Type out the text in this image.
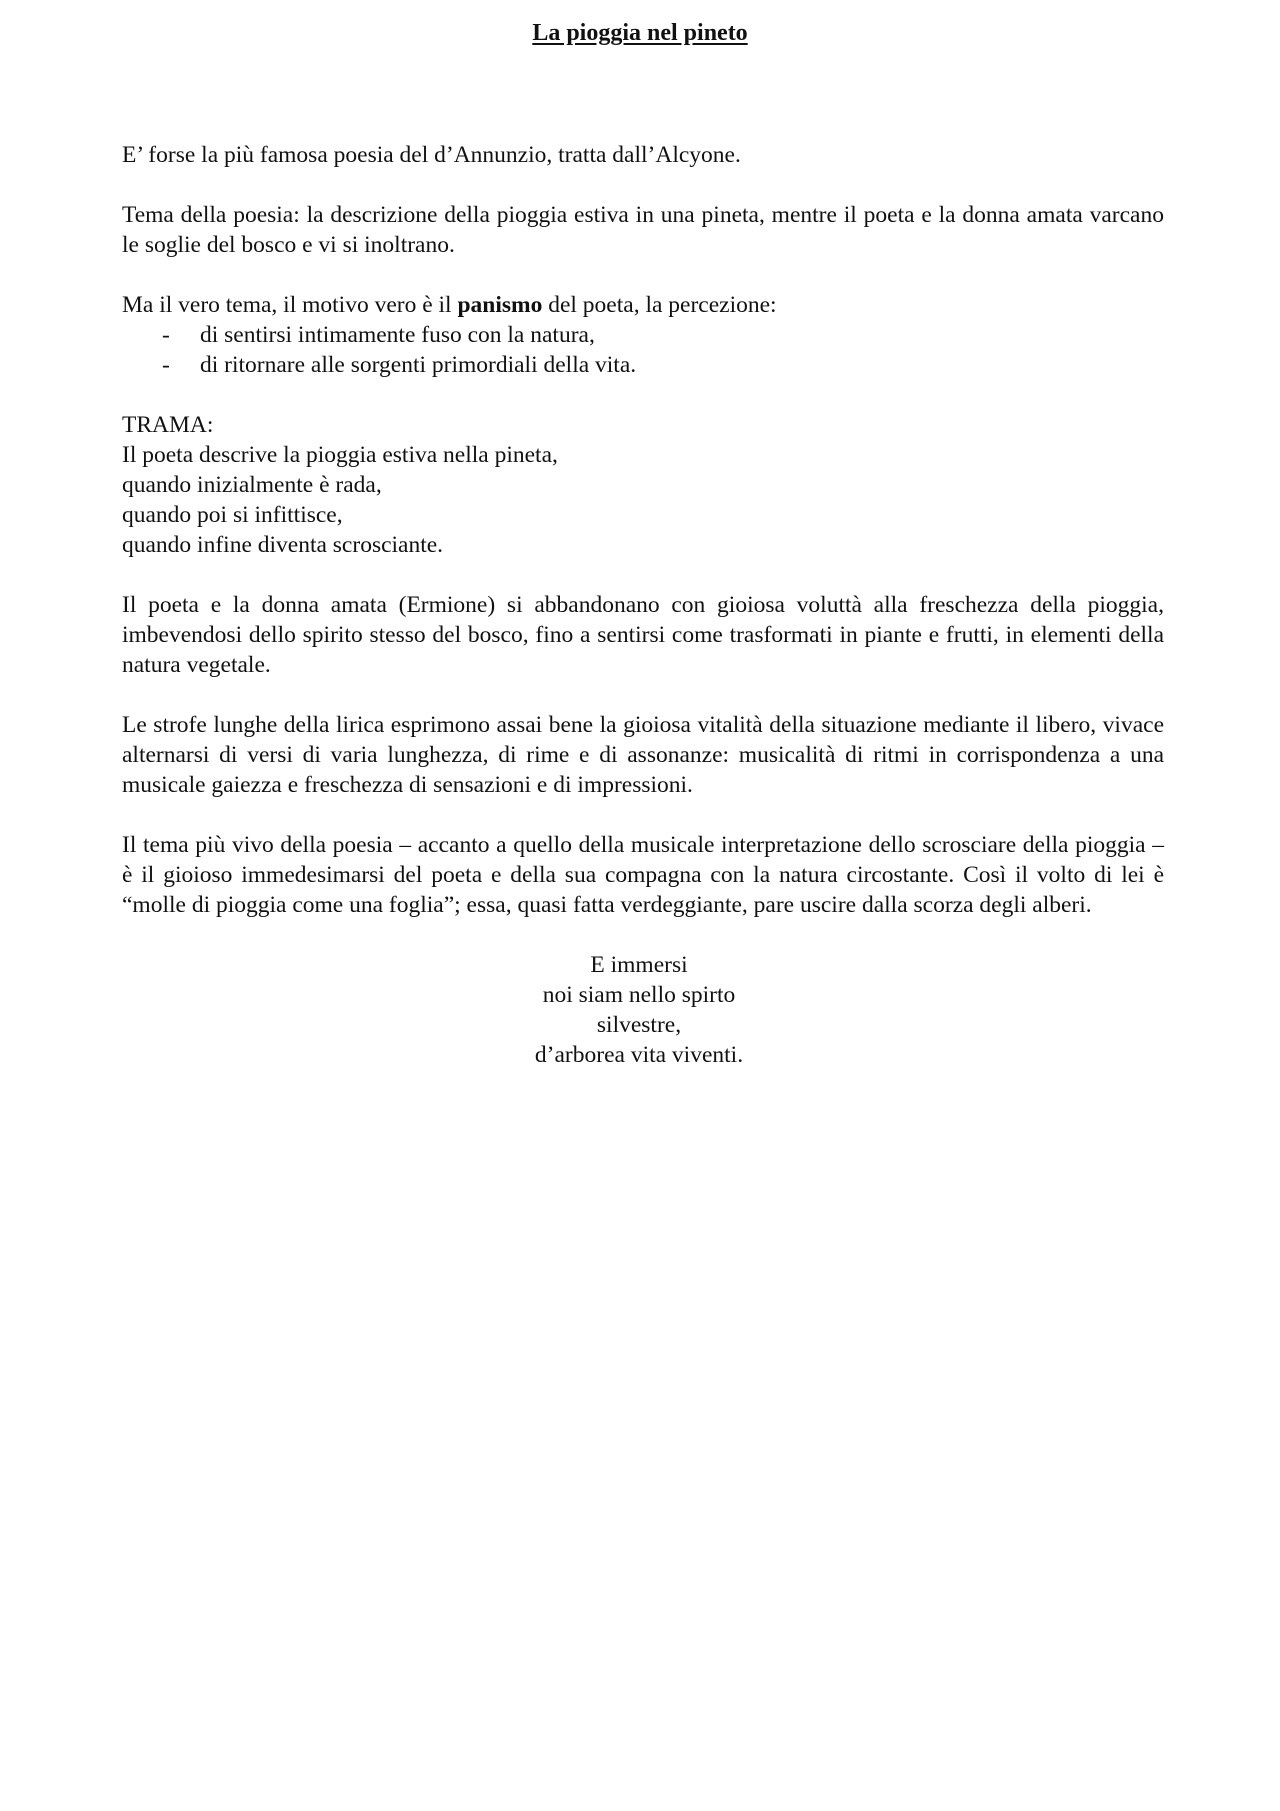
La pioggia nel pineto

E’ forse la più famosa poesia del d’Annunzio, tratta dall’Alcyone.

Tema della poesia: la descrizione della pioggia estiva in una pineta, mentre il poeta e la donna amata varcano le soglie del bosco e vi si inoltrano.

Ma il vero tema, il motivo vero è il panismo del poeta, la percezione:

- di sentirsi intimamente fuso con la natura,
- di ritornare alle sorgenti primordiali della vita.
TRAMA:
Il poeta descrive la pioggia estiva nella pineta,
quando inizialmente è rada,
quando poi si infittisce,
quando infine diventa scrosciante.

Il poeta e la donna amata (Ermione) si abbandonano con gioiosa voluttà alla freschezza della pioggia, imbevendosi dello spirito stesso del bosco, fino a sentirsi come trasformati in piante e frutti, in elementi della natura vegetale.

Le strofe lunghe della lirica esprimono assai bene la gioiosa vitalità della situazione mediante il libero, vivace alternarsi di versi di varia lunghezza, di rime e di assonanze: musicalità di ritmi in corrispondenza a una musicale gaiezza e freschezza di sensazioni e di impressioni.

Il tema più vivo della poesia – accanto a quello della musicale interpretazione dello scrosciare della pioggia – è il gioioso immedesimarsi del poeta e della sua compagna con la natura circostante. Così il volto di lei è “molle di pioggia come una foglia”; essa, quasi fatta verdeggiante, pare uscire dalla scorza degli alberi.

E immersi
noi siam nello spirto
silvestre,
d’arborea vita viventi.
